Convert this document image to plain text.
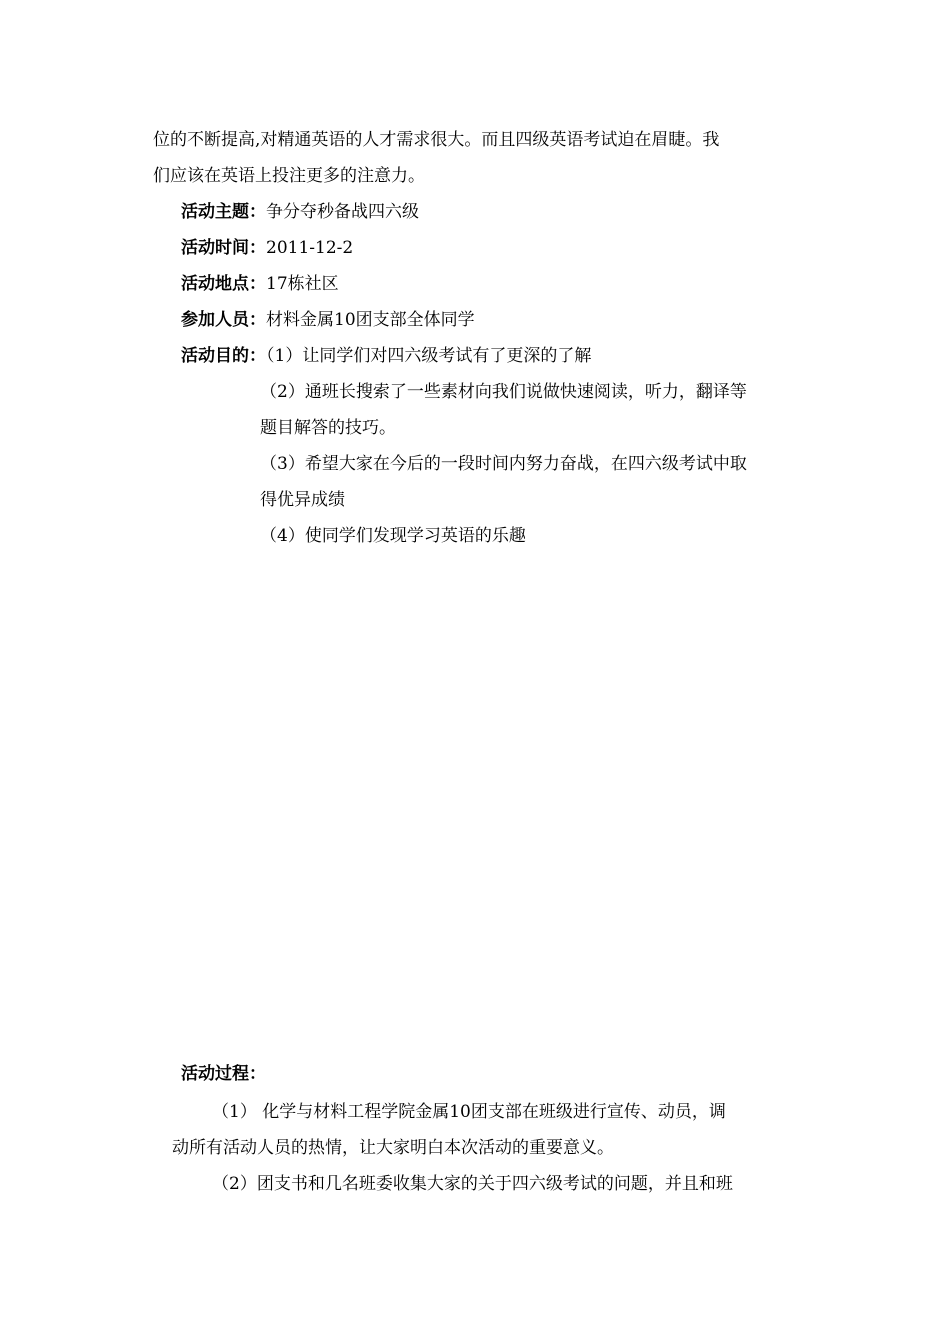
位的不断提高,对精通英语的人才需求很大。而且四级英语考试迫在眉睫。我
们应该在英语上投注更多的注意力。
活动主题：争分夺秒备战四六级
活动时间：2011-12-2
活动地点：17栋社区
参加人员：材料金属10团支部全体同学
活动目的：（1）让同学们对四六级考试有了更深的了解
（2）通班长搜索了一些素材向我们说做快速阅读，听力，翻译等
题目解答的技巧。
（3）希望大家在今后的一段时间内努力奋战，在四六级考试中取
得优异成绩
（4）使同学们发现学习英语的乐趣
活动过程：
（1） 化学与材料工程学院金属10团支部在班级进行宣传、动员，调
动所有活动人员的热情，让大家明白本次活动的重要意义。
（2）团支书和几名班委收集大家的关于四六级考试的问题，并且和班
